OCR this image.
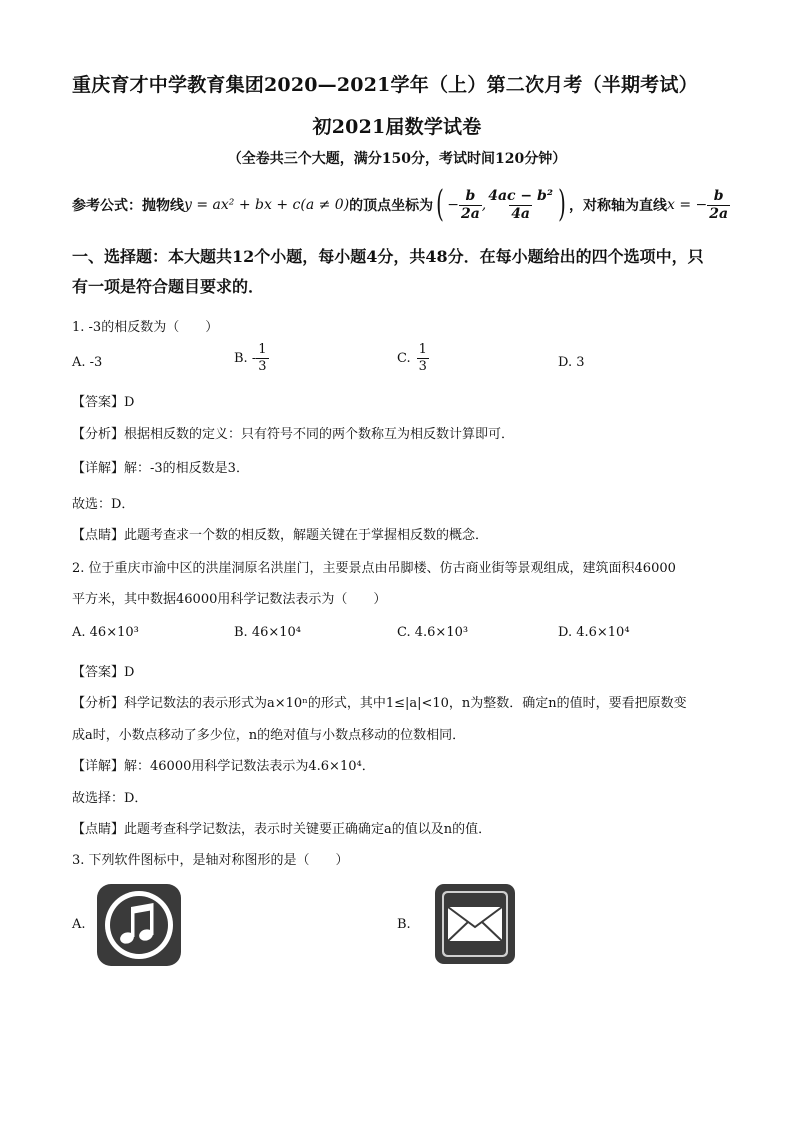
重庆育才中学教育集团2020—2021学年（上）第二次月考（半期考试）
初2021届数学试卷
（全卷共三个大题，满分150分，考试时间120分钟）
参考公式：抛物线 y = ax² + bx + c(a ≠ 0) 的顶点坐标为 ( − $\frac{b}{2a}$ , $\frac{\text{4ac − b²}}{4a}$ ) ，对称轴为直线 x = − $\frac{b}{2a}$
一、选择题：本大题共12个小题，每小题4分，共48分．在每小题给出的四个选项中，只
有一项是符合题目要求的．
1. -3的相反数为（　　）
A. -3	B. - $\frac{1}{3}$	C. $\frac{1}{3}$	D. 3
【答案】D
【分析】根据相反数的定义：只有符号不同的两个数称互为相反数计算即可．
【详解】解：-3的相反数是3．
故选：D．
【点睛】此题考查求一个数的相反数，解题关键在于掌握相反数的概念．
2. 位于重庆市渝中区的洪崖洞原名洪崖门，主要景点由吊脚楼、仿古商业街等景观组成，建筑面积46000
平方米，其中数据46000用科学记数法表示为（　　）
A. 46×10³	B. 46×10⁴	C. 4.6×10³	D. 4.6×10⁴
【答案】D
【分析】科学记数法的表示形式为a×10ⁿ的形式，其中1≤|a|<10，n为整数．确定n的值时，要看把原数变
成a时，小数点移动了多少位，n的绝对值与小数点移动的位数相同．
【详解】解：46000用科学记数法表示为4.6×10⁴．
故选择：D．
【点睛】此题考查科学记数法，表示时关键要正确确定a的值以及n的值．
3. 下列软件图标中，是轴对称图形的是（　　）
A.	B.
